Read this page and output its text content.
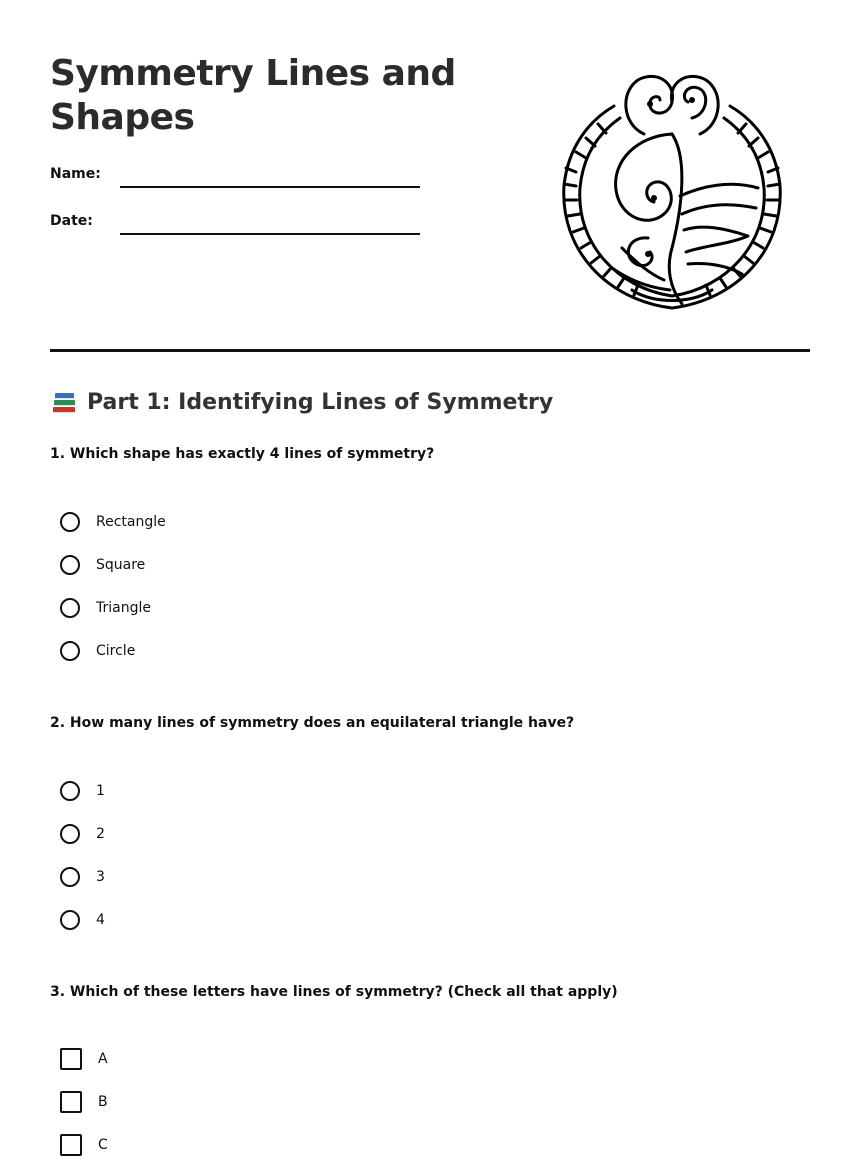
Symmetry Lines and Shapes
Name:
Date:
Part 1: Identifying Lines of Symmetry
1. Which shape has exactly 4 lines of symmetry?
Rectangle
Square
Triangle
Circle
2. How many lines of symmetry does an equilateral triangle have?
1
2
3
4
3. Which of these letters have lines of symmetry? (Check all that apply)
A
B
C
